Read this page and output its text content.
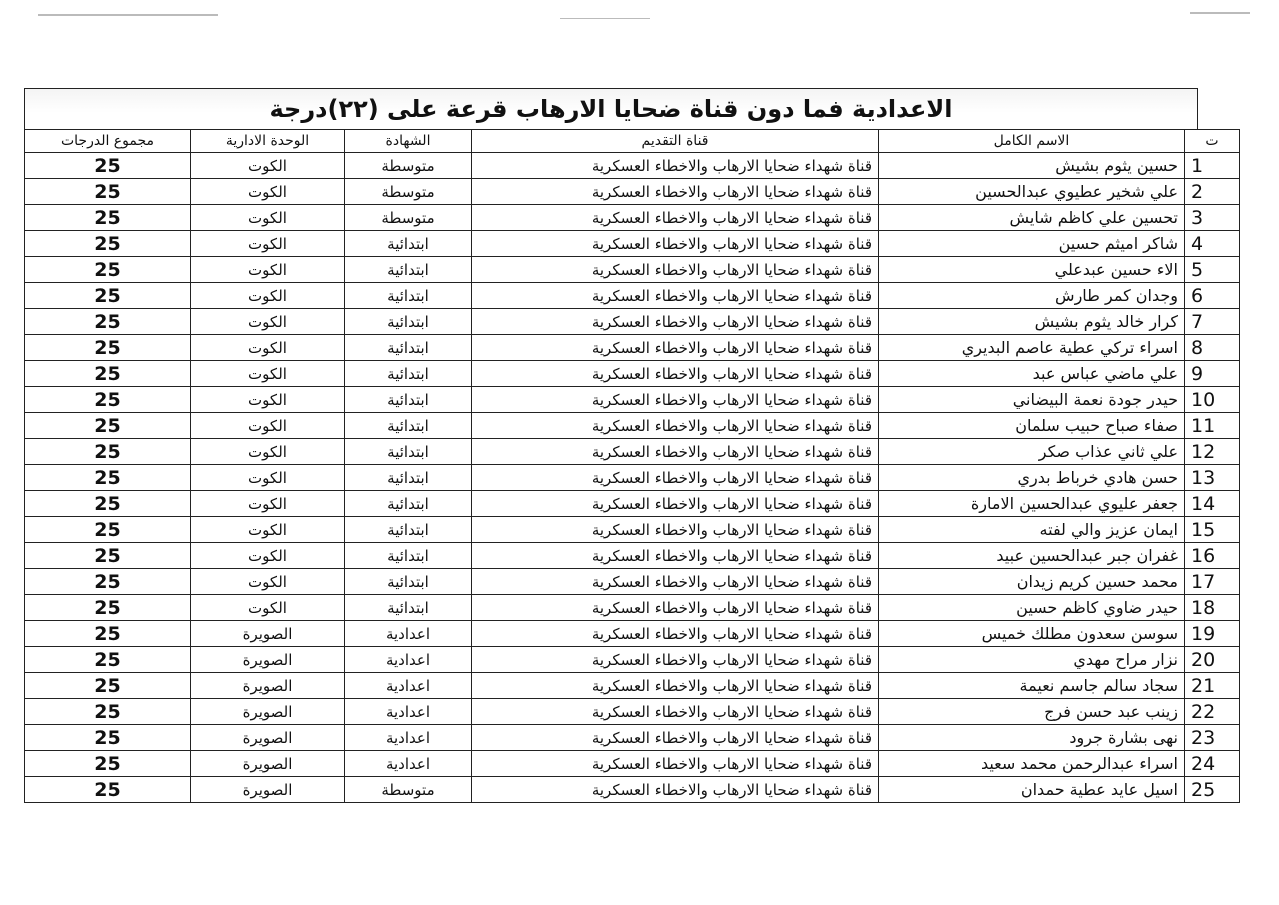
الاعدادية فما دون قناة ضحايا الارهاب قرعة على (٢٢)درجة
مجموع الدرجات	الوحدة الادارية	الشهادة	قناة التقديم	الاسم الكامل	ت
25	الكوت	متوسطة	قناة شهداء ضحايا الارهاب والاخطاء العسكرية	حسين يثوم بشيش	1
25	الكوت	متوسطة	قناة شهداء ضحايا الارهاب والاخطاء العسكرية	علي شخير عطيوي عبدالحسين	2
25	الكوت	متوسطة	قناة شهداء ضحايا الارهاب والاخطاء العسكرية	تحسين علي كاظم شايش	3
25	الكوت	ابتدائية	قناة شهداء ضحايا الارهاب والاخطاء العسكرية	شاكر اميثم حسين	4
25	الكوت	ابتدائية	قناة شهداء ضحايا الارهاب والاخطاء العسكرية	الاء حسين عبدعلي	5
25	الكوت	ابتدائية	قناة شهداء ضحايا الارهاب والاخطاء العسكرية	وجدان كمر طارش	6
25	الكوت	ابتدائية	قناة شهداء ضحايا الارهاب والاخطاء العسكرية	كرار خالد يثوم بشيش	7
25	الكوت	ابتدائية	قناة شهداء ضحايا الارهاب والاخطاء العسكرية	اسراء تركي عطية عاصم البديري	8
25	الكوت	ابتدائية	قناة شهداء ضحايا الارهاب والاخطاء العسكرية	علي ماضي عباس عبد	9
25	الكوت	ابتدائية	قناة شهداء ضحايا الارهاب والاخطاء العسكرية	حيدر جودة نعمة البيضاني	10
25	الكوت	ابتدائية	قناة شهداء ضحايا الارهاب والاخطاء العسكرية	صفاء صباح حبيب سلمان	11
25	الكوت	ابتدائية	قناة شهداء ضحايا الارهاب والاخطاء العسكرية	علي ثاني عذاب صكر	12
25	الكوت	ابتدائية	قناة شهداء ضحايا الارهاب والاخطاء العسكرية	حسن هادي خرباط بدري	13
25	الكوت	ابتدائية	قناة شهداء ضحايا الارهاب والاخطاء العسكرية	جعفر عليوي عبدالحسين الامارة	14
25	الكوت	ابتدائية	قناة شهداء ضحايا الارهاب والاخطاء العسكرية	ايمان عزيز والي لفته	15
25	الكوت	ابتدائية	قناة شهداء ضحايا الارهاب والاخطاء العسكرية	غفران جبر عبدالحسين عبيد	16
25	الكوت	ابتدائية	قناة شهداء ضحايا الارهاب والاخطاء العسكرية	محمد حسين كريم زيدان	17
25	الكوت	ابتدائية	قناة شهداء ضحايا الارهاب والاخطاء العسكرية	حيدر ضاوي كاظم حسين	18
25	الصويرة	اعدادية	قناة شهداء ضحايا الارهاب والاخطاء العسكرية	سوسن سعدون مطلك خميس	19
25	الصويرة	اعدادية	قناة شهداء ضحايا الارهاب والاخطاء العسكرية	نزار مراح مهدي	20
25	الصويرة	اعدادية	قناة شهداء ضحايا الارهاب والاخطاء العسكرية	سجاد سالم جاسم نعيمة	21
25	الصويرة	اعدادية	قناة شهداء ضحايا الارهاب والاخطاء العسكرية	زينب عبد حسن فرج	22
25	الصويرة	اعدادية	قناة شهداء ضحايا الارهاب والاخطاء العسكرية	نهى بشارة جرود	23
25	الصويرة	اعدادية	قناة شهداء ضحايا الارهاب والاخطاء العسكرية	اسراء عبدالرحمن محمد سعيد	24
25	الصويرة	متوسطة	قناة شهداء ضحايا الارهاب والاخطاء العسكرية	اسيل عايد عطية حمدان	25
